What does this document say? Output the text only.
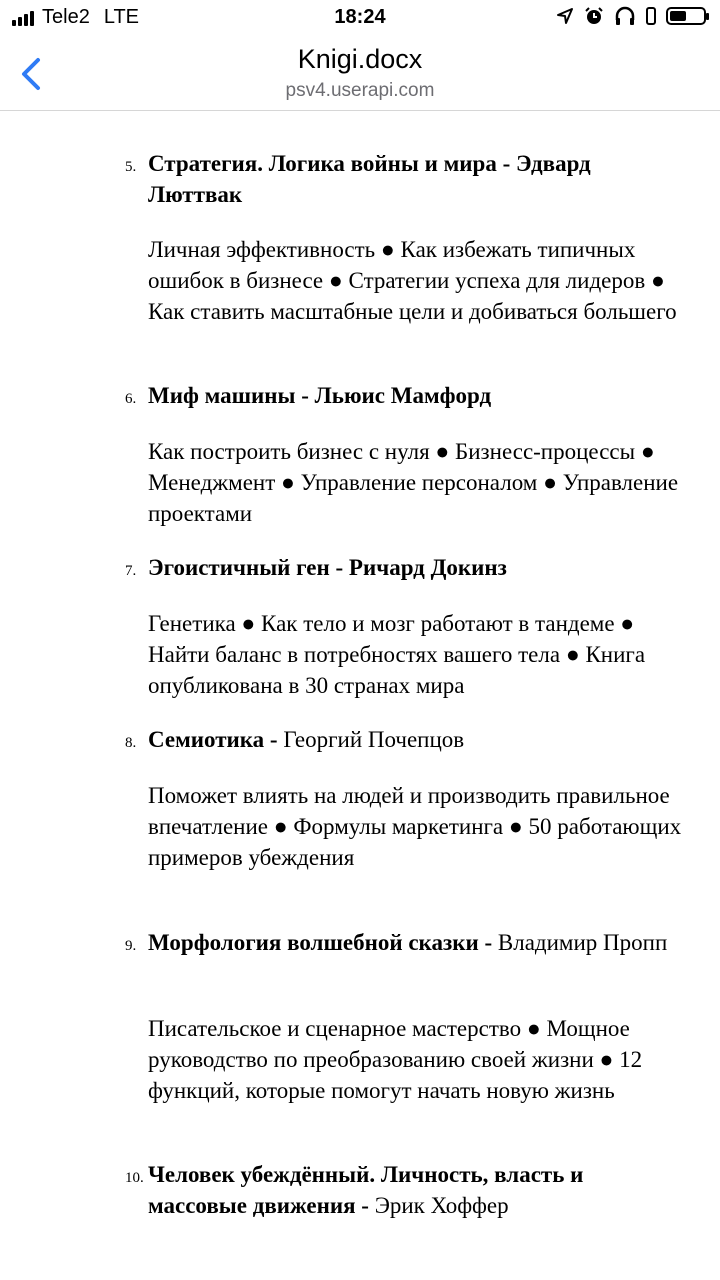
5. Стратегия. Логика войны и мира - Эдвард Люттвак
Личная эффективность ● Как избежать типичных ошибок в бизнесе ● Стратегии успеха для лидеров ● Как ставить масштабные цели и добиваться большего
6. Миф машины - Льюис Мамфорд
Как построить бизнес с нуля ● Бизнесс-процессы ● Менеджмент ● Управление персоналом ● Управление проектами
7. Эгоистичный ген - Ричард Докинз
Генетика ● Как тело и мозг работают в тандеме ● Найти баланс в потребностях вашего тела ● Книга опубликована в 30 странах мира
8. Семиотика - Георгий Почепцов
Поможет влиять на людей и производить правильное впечатление ● Формулы маркетинга ● 50 работающих примеров убеждения
9. Морфология волшебной сказки - Владимир Пропп
Писательское и сценарное мастерство ● Мощное руководство по преобразованию своей жизни ● 12 функций, которые помогут начать новую жизнь
10. Человек убеждённый. Личность, власть и массовые движения - Эрик Хоффер
Tele2 LTE	18:24
Knigi.docx
psv4.userapi.com
